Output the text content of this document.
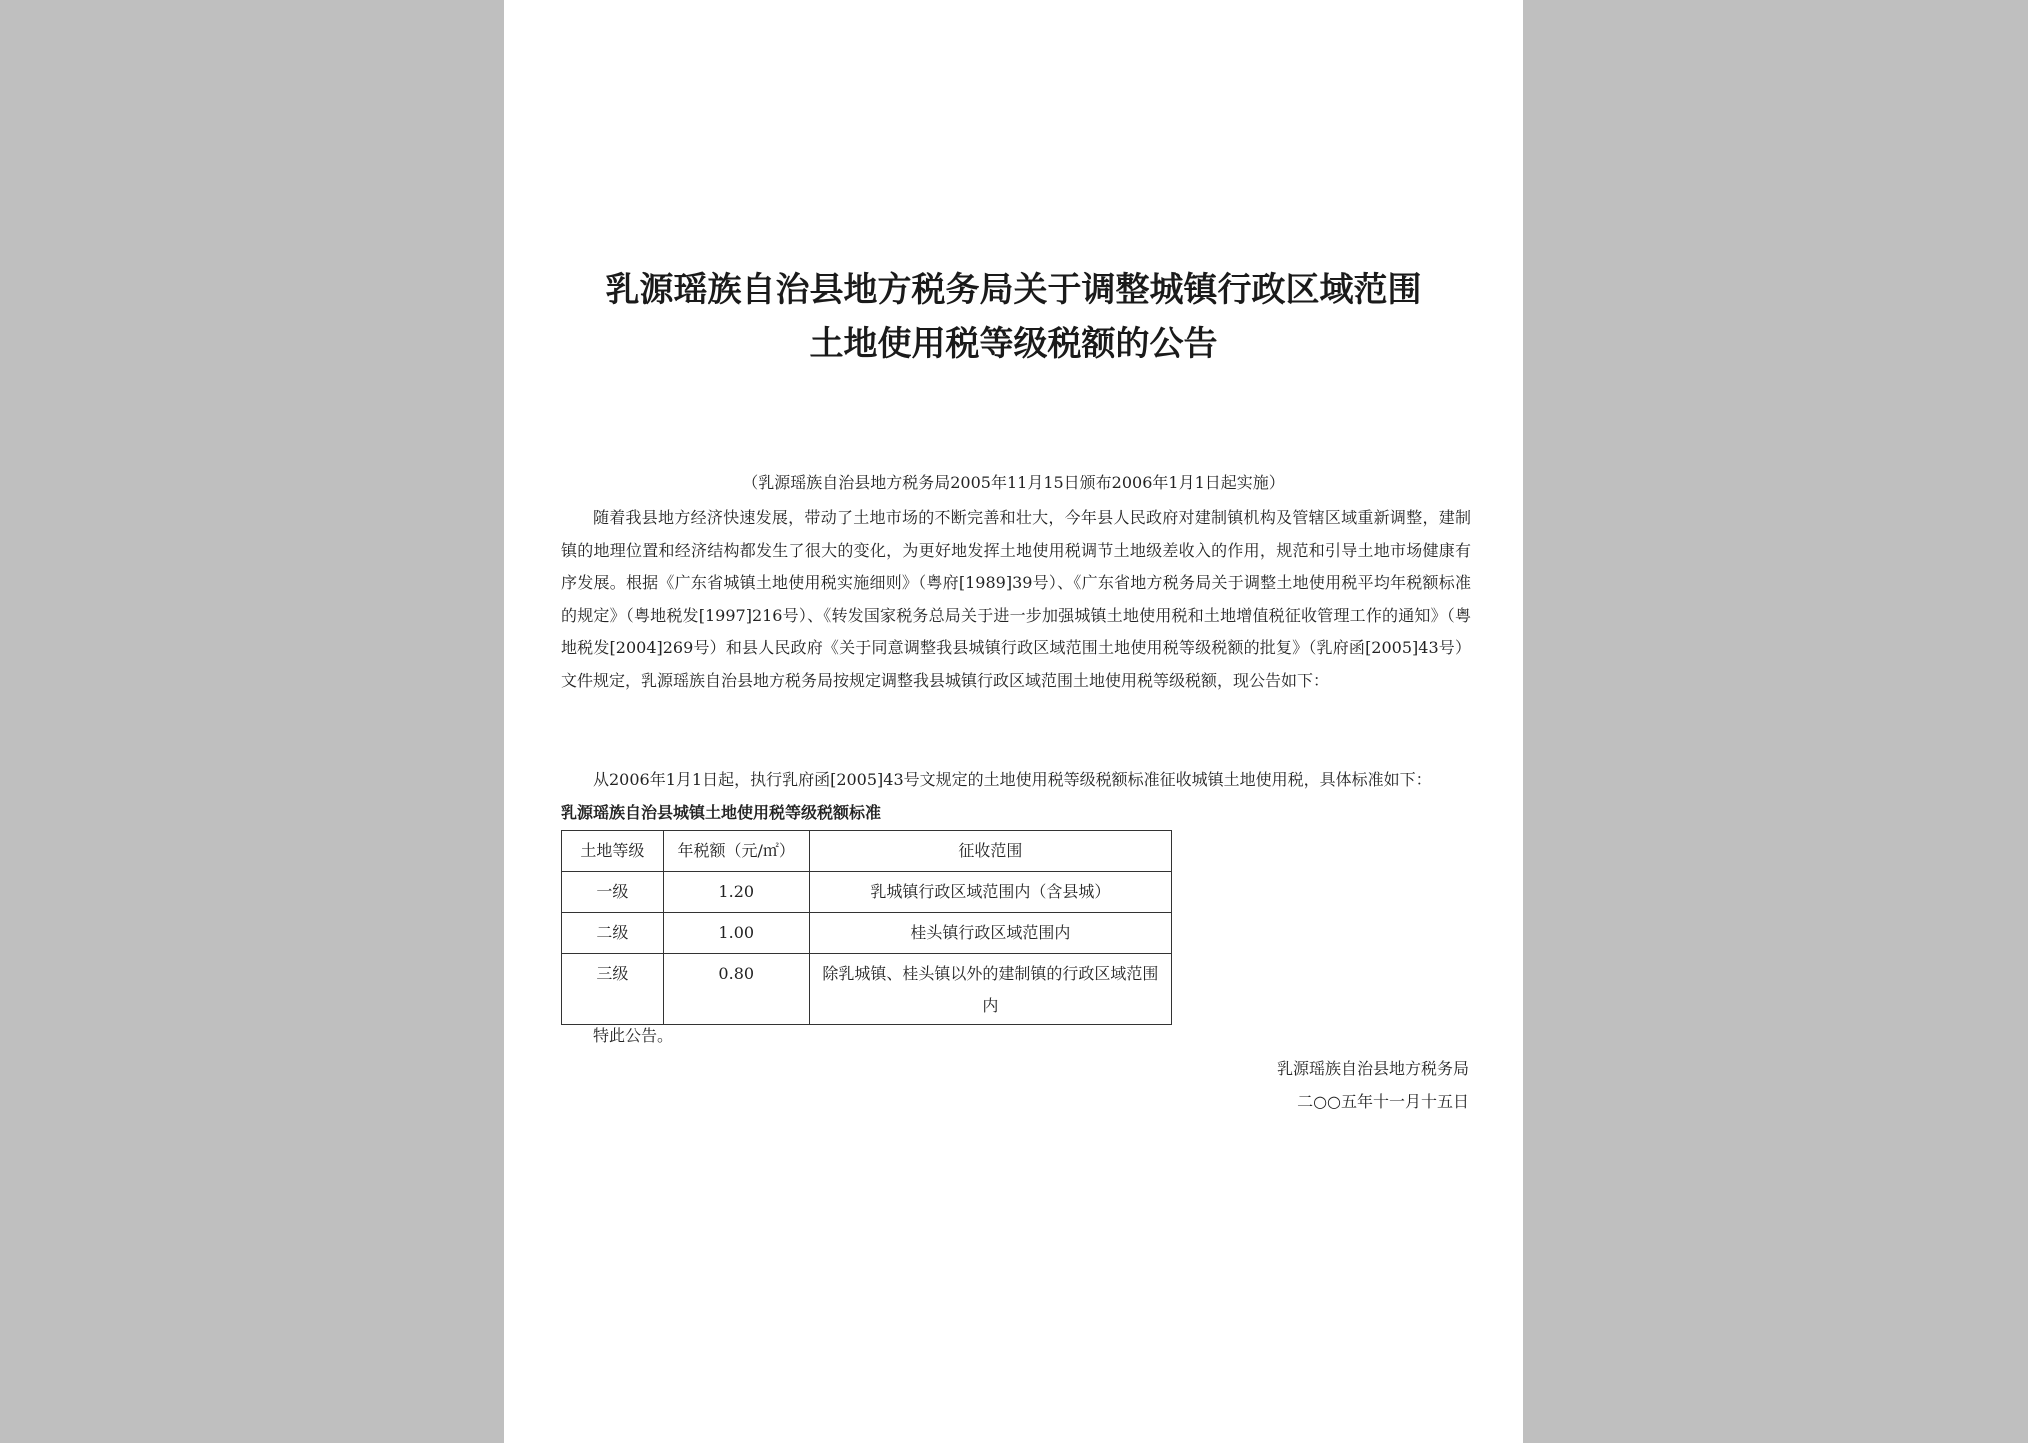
乳源瑶族自治县地方税务局关于调整城镇行政区域范围
土地使用税等级税额的公告
（乳源瑶族自治县地方税务局2005年11月15日颁布2006年1月1日起实施）

随着我县地方经济快速发展，带动了土地市场的不断完善和壮大，今年县人民政府对建制镇机构及管辖区域重新调整，建制镇的地理位置和经济结构都发生了很大的变化，为更好地发挥土地使用税调节土地级差收入的作用，规范和引导土地市场健康有序发展。根据《广东省城镇土地使用税实施细则》（粤府[1989]39号）、《广东省地方税务局关于调整土地使用税平均年税额标准的规定》（粤地税发[1997]216号）、《转发国家税务总局关于进一步加强城镇土地使用税和土地增值税征收管理工作的通知》（粤地税发[2004]269号）和县人民政府《关于同意调整我县城镇行政区域范围土地使用税等级税额的批复》（乳府函[2005]43号）文件规定，乳源瑶族自治县地方税务局按规定调整我县城镇行政区域范围土地使用税等级税额，现公告如下：

从2006年1月1日起，执行乳府函[2005]43号文规定的土地使用税等级税额标准征收城镇土地使用税，具体标准如下：
乳源瑶族自治县城镇土地使用税等级税额标准
土地等级	年税额（元/㎡）	征收范围
一级	1.20	乳城镇行政区域范围内（含县城）
二级	1.00	桂头镇行政区域范围内
三级	0.80	除乳城镇、桂头镇以外的建制镇的行政区域范围内
特此公告。
乳源瑶族自治县地方税务局
二○○五年十一月十五日
